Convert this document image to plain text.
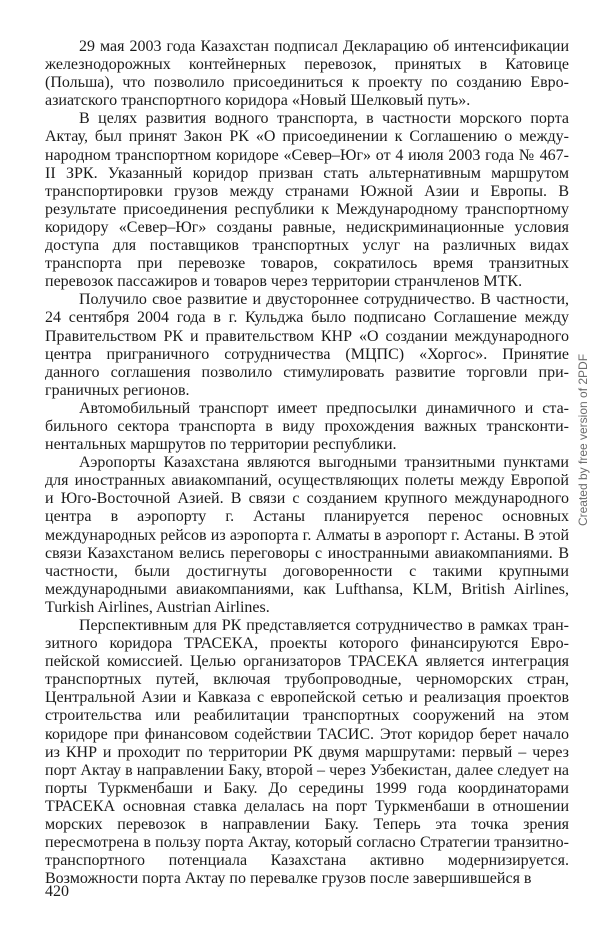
29 мая 2003 года Казахстан подписал Декларацию об интенсификации железнодорожных контейнерных перевозок, принятых в Катовице (Польша), что позволило присоединиться к проекту по созданию Евроазиатского транспортного коридора «Новый Шелковый путь».

В целях развития водного транспорта, в частности морского порта Актау, был принят Закон РК «О присоединении к Соглашению о международном транспортном коридоре «Север–Юг» от 4 июля 2003 года № 467-II ЗРК. Указанный коридор призван стать альтернативным маршрутом транспортировки грузов между странами Южной Азии и Европы. В результате присоединения республики к Международному транспортному коридору «Север–Юг» созданы равные, недискриминационные условия доступа для поставщиков транспортных услуг на различных видах транспорта при перевозке товаров, сократилось время транзитных перевозок пассажиров и товаров через территории странчленов МТК.

Получило свое развитие и двустороннее сотрудничество. В частности, 24 сентября 2004 года в г. Кульджа было подписано Соглашение между Правительством РК и правительством КНР «О создании международного центра приграничного сотрудничества (МЦПС) «Хоргос». Принятие данного соглашения позволило стимулировать развитие торговли приграничных регионов.

Автомобильный транспорт имеет предпосылки динамичного и стабильного сектора транспорта в виду прохождения важных трансконтинентальных маршрутов по территории республики.

Аэропорты Казахстана являются выгодными транзитными пунктами для иностранных авиакомпаний, осуществляющих полеты между Европой и Юго-Восточной Азией. В связи с созданием крупного международного центра в аэропорту г. Астаны планируется перенос основных международных рейсов из аэропорта г. Алматы в аэропорт г. Астаны. В этой связи Казахстаном велись переговоры с иностранными авиакомпаниями. В частности, были достигнуты договоренности с такими крупными международными авиакомпаниями, как Lufthansa, KLM, British Airlines, Turkish Airlines, Austrian Airlines.

Перспективным для РК представляется сотрудничество в рамках транзитного коридора ТРАСЕКА, проекты которого финансируются Европейской комиссией. Целью организаторов ТРАСЕКА является интеграция транспортных путей, включая трубопроводные, черноморских стран, Центральной Азии и Кавказа с европейской сетью и реализация проектов строительства или реабилитации транспортных сооружений на этом коридоре при финансовом содействии ТАСИС. Этот коридор берет начало из КНР и проходит по территории РК двумя маршрутами: первый – через порт Актау в направлении Баку, второй – через Узбекистан, далее следует на порты Туркменбаши и Баку. До середины 1999 года координаторами ТРАСЕКА основная ставка делалась на порт Туркменбаши в отношении морских перевозок в направлении Баку. Теперь эта точка зрения пересмотрена в пользу порта Актау, который согласно Стратегии транзитно-транспортного потенциала Казахстана активно модернизируется. Возможности порта Актау по перевалке грузов после завершившейся в

420
Created by free version of 2PDF
